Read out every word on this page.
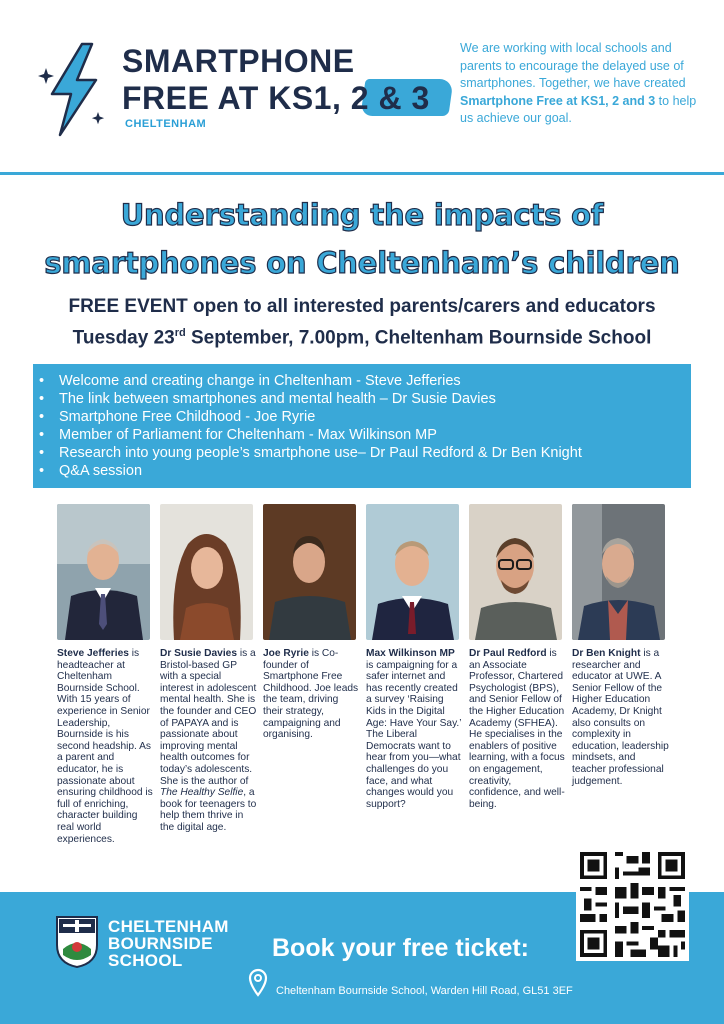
SMARTPHONE
FREE AT KS1, 2 & 3
CHELTENHAM
We are working with local schools and parents to encourage the delayed use of smartphones. Together, we have created Smartphone Free at KS1, 2 and 3 to help us achieve our goal.
Understanding the impacts of
smartphones on Cheltenham’s children
FREE EVENT open to all interested parents/carers and educators
Tuesday 23rd September, 7.00pm, Cheltenham Bournside School
• Welcome and creating change in Cheltenham - Steve Jefferies
• The link between smartphones and mental health – Dr Susie Davies
• Smartphone Free Childhood - Joe Ryrie
• Member of Parliament for Cheltenham - Max Wilkinson MP
• Research into young people’s smartphone use– Dr Paul Redford & Dr Ben Knight
• Q&A session
Steve Jefferies is headteacher at Cheltenham Bournside School. With 15 years of experience in Senior Leadership, Bournside is his second headship. As a parent and educator, he is passionate about ensuring childhood is full of enriching, character building real world experiences.
Dr Susie Davies is a Bristol-based GP with a special interest in adolescent mental health. She is the founder and CEO of PAPAYA and is passionate about improving mental health outcomes for today’s adolescents. She is the author of The Healthy Selfie, a book for teenagers to help them thrive in the digital age.
Joe Ryrie is Co-founder of Smartphone Free Childhood. Joe leads the team, driving their strategy, campaigning and organising.
Max Wilkinson MP is campaigning for a safer internet and has recently created a survey ‘Raising Kids in the Digital Age: Have Your Say.’ The Liberal Democrats want to hear from you—what challenges do you face, and what changes would you support?
Dr Paul Redford is an Associate Professor, Chartered Psychologist (BPS), and Senior Fellow of the Higher Education Academy (SFHEA). He specialises in the enablers of positive learning, with a focus on engagement, creativity, confidence, and well-being.
Dr Ben Knight is a researcher and educator at UWE. A Senior Fellow of the Higher Education Academy, Dr Knight also consults on complexity in education, leadership mindsets, and teacher professional judgement.
CHELTENHAM
BOURNSIDE
SCHOOL	Book your free ticket:
Cheltenham Bournside School, Warden Hill Road, GL51 3EF
